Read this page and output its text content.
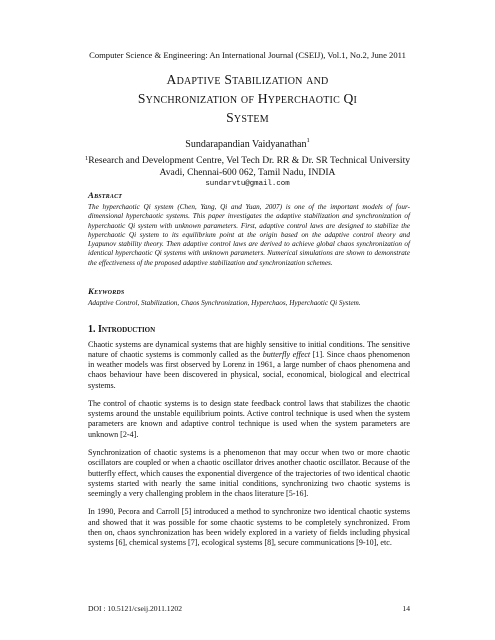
Computer Science & Engineering: An International Journal (CSEIJ), Vol.1, No.2, June 2011
Adaptive Stabilization and
Synchronization of Hyperchaotic Qi
System
Sundarapandian Vaidyanathan$^1$
$^1$Research and Development Centre, Vel Tech Dr. RR & Dr. SR Technical University
Avadi, Chennai-600 062, Tamil Nadu, INDIA
sundarvtu@gmail.com
Abstract

The hyperchaotic Qi system (Chen, Yang, Qi and Yuan, 2007) is one of the important models of four-dimensional hyperchaotic systems. This paper investigates the adaptive stabilization and synchronization of hyperchaotic Qi system with unknown parameters. First, adaptive control laws are designed to stabilize the hyperchaotic Qi system to its equilibrium point at the origin based on the adaptive control theory and Lyapunov stability theory. Then adaptive control laws are derived to achieve global chaos synchronization of identical hyperchaotic Qi systems with unknown parameters. Numerical simulations are shown to demonstrate the effectiveness of the proposed adaptive stabilization and synchronization schemes.

Keywords

Adaptive Control, Stabilization, Chaos Synchronization, Hyperchaos, Hyperchaotic Qi System.

1. Introduction

Chaotic systems are dynamical systems that are highly sensitive to initial conditions. The sensitive nature of chaotic systems is commonly called as the butterfly effect [1]. Since chaos phenomenon in weather models was first observed by Lorenz in 1961, a large number of chaos phenomena and chaos behaviour have been discovered in physical, social, economical, biological and electrical systems.

The control of chaotic systems is to design state feedback control laws that stabilizes the chaotic systems around the unstable equilibrium points. Active control technique is used when the system parameters are known and adaptive control technique is used when the system parameters are unknown [2-4].

Synchronization of chaotic systems is a phenomenon that may occur when two or more chaotic oscillators are coupled or when a chaotic oscillator drives another chaotic oscillator. Because of the butterfly effect, which causes the exponential divergence of the trajectories of two identical chaotic systems started with nearly the same initial conditions, synchronizing two chaotic systems is seemingly a very challenging problem in the chaos literature [5-16].

In 1990, Pecora and Carroll [5] introduced a method to synchronize two identical chaotic systems and showed that it was possible for some chaotic systems to be completely synchronized. From then on, chaos synchronization has been widely explored in a variety of fields including physical systems [6], chemical systems [7], ecological systems [8], secure communications [9-10], etc.

DOI : 10.5121/cseij.2011.1202	14
